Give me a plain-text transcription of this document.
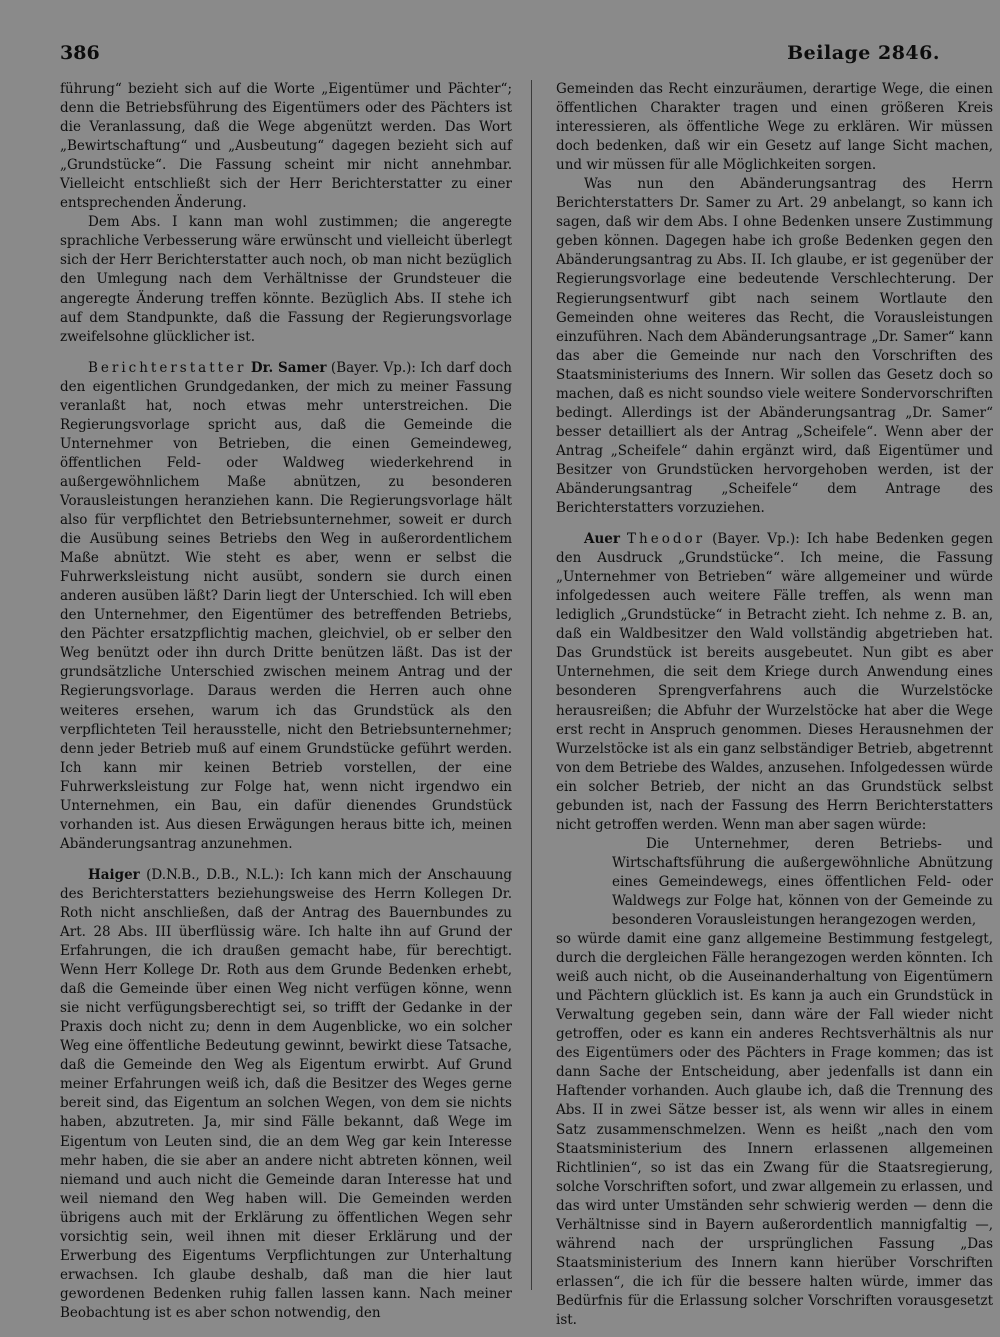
386	Beilage 2846.

führung“ bezieht sich auf die Worte „Eigentümer und Pächter“; denn die Betriebsführung des Eigentümers oder des Pächters ist die Veranlassung, daß die Wege abgenützt werden. Das Wort „Bewirtschaftung“ und „Ausbeutung“ dagegen bezieht sich auf „Grundstücke“. Die Fassung scheint mir nicht annehmbar. Vielleicht entschließt sich der Herr Berichterstatter zu einer entsprechenden Änderung.

Dem Abs. I kann man wohl zustimmen; die angeregte sprachliche Verbesserung wäre erwünscht und vielleicht überlegt sich der Herr Berichterstatter auch noch, ob man nicht bezüglich den Umlegung nach dem Verhältnisse der Grundsteuer die angeregte Änderung treffen könnte. Bezüglich Abs. II stehe ich auf dem Standpunkte, daß die Fassung der Regierungsvorlage zweifelsohne glücklicher ist.

Berichterstatter Dr. Samer (Bayer. Vp.): Ich darf doch den eigentlichen Grundgedanken, der mich zu meiner Fassung veranlaßt hat, noch etwas mehr unterstreichen. Die Regierungsvorlage spricht aus, daß die Gemeinde die Unternehmer von Betrieben, die einen Gemeindeweg, öffentlichen Feld- oder Waldweg wiederkehrend in außergewöhnlichem Maße abnützen, zu besonderen Vorausleistungen heranziehen kann. Die Regierungsvorlage hält also für verpflichtet den Betriebsunternehmer, soweit er durch die Ausübung seines Betriebs den Weg in außerordentlichem Maße abnützt. Wie steht es aber, wenn er selbst die Fuhrwerksleistung nicht ausübt, sondern sie durch einen anderen ausüben läßt? Darin liegt der Unterschied. Ich will eben den Unternehmer, den Eigentümer des betreffenden Betriebs, den Pächter ersatzpflichtig machen, gleichviel, ob er selber den Weg benützt oder ihn durch Dritte benützen läßt. Das ist der grundsätzliche Unterschied zwischen meinem Antrag und der Regierungsvorlage. Daraus werden die Herren auch ohne weiteres ersehen, warum ich das Grundstück als den verpflichteten Teil herausstelle, nicht den Betriebsunternehmer; denn jeder Betrieb muß auf einem Grundstücke geführt werden. Ich kann mir keinen Betrieb vorstellen, der eine Fuhrwerksleistung zur Folge hat, wenn nicht irgendwo ein Unternehmen, ein Bau, ein dafür dienendes Grundstück vorhanden ist. Aus diesen Erwägungen heraus bitte ich, meinen Abänderungsantrag anzunehmen.

Haiger (D.N.B., D.B., N.L.): Ich kann mich der Anschauung des Berichterstatters beziehungsweise des Herrn Kollegen Dr. Roth nicht anschließen, daß der Antrag des Bauernbundes zu Art. 28 Abs. III überflüssig wäre. Ich halte ihn auf Grund der Erfahrungen, die ich draußen gemacht habe, für berechtigt. Wenn Herr Kollege Dr. Roth aus dem Grunde Bedenken erhebt, daß die Gemeinde über einen Weg nicht verfügen könne, wenn sie nicht verfügungsberechtigt sei, so trifft der Gedanke in der Praxis doch nicht zu; denn in dem Augenblicke, wo ein solcher Weg eine öffentliche Bedeutung gewinnt, bewirkt diese Tatsache, daß die Gemeinde den Weg als Eigentum erwirbt. Auf Grund meiner Erfahrungen weiß ich, daß die Besitzer des Weges gerne bereit sind, das Eigentum an solchen Wegen, von dem sie nichts haben, abzutreten. Ja, mir sind Fälle bekannt, daß Wege im Eigentum von Leuten sind, die an dem Weg gar kein Interesse mehr haben, die sie aber an andere nicht abtreten können, weil niemand und auch nicht die Gemeinde daran Interesse hat und weil niemand den Weg haben will. Die Gemeinden werden übrigens auch mit der Erklärung zu öffentlichen Wegen sehr vorsichtig sein, weil ihnen mit dieser Erklärung und der Erwerbung des Eigentums Verpflichtungen zur Unterhaltung erwachsen. Ich glaube deshalb, daß man die hier laut gewordenen Bedenken ruhig fallen lassen kann. Nach meiner Beobachtung ist es aber schon notwendig, den

Gemeinden das Recht einzuräumen, derartige Wege, die einen öffentlichen Charakter tragen und einen größeren Kreis interessieren, als öffentliche Wege zu erklären. Wir müssen doch bedenken, daß wir ein Gesetz auf lange Sicht machen, und wir müssen für alle Möglichkeiten sorgen.

Was nun den Abänderungsantrag des Herrn Berichterstatters Dr. Samer zu Art. 29 anbelangt, so kann ich sagen, daß wir dem Abs. I ohne Bedenken unsere Zustimmung geben können. Dagegen habe ich große Bedenken gegen den Abänderungsantrag zu Abs. II. Ich glaube, er ist gegenüber der Regierungsvorlage eine bedeutende Verschlechterung. Der Regierungsentwurf gibt nach seinem Wortlaute den Gemeinden ohne weiteres das Recht, die Vorausleistungen einzuführen. Nach dem Abänderungsantrage „Dr. Samer“ kann das aber die Gemeinde nur nach den Vorschriften des Staatsministeriums des Innern. Wir sollen das Gesetz doch so machen, daß es nicht soundso viele weitere Sondervorschriften bedingt. Allerdings ist der Abänderungsantrag „Dr. Samer“ besser detailliert als der Antrag „Scheifele“. Wenn aber der Antrag „Scheifele“ dahin ergänzt wird, daß Eigentümer und Besitzer von Grundstücken hervorgehoben werden, ist der Abänderungsantrag „Scheifele“ dem Antrage des Berichterstatters vorzuziehen.

Auer Theodor (Bayer. Vp.): Ich habe Bedenken gegen den Ausdruck „Grundstücke“. Ich meine, die Fassung „Unternehmer von Betrieben“ wäre allgemeiner und würde infolgedessen auch weitere Fälle treffen, als wenn man lediglich „Grundstücke“ in Betracht zieht. Ich nehme z. B. an, daß ein Waldbesitzer den Wald vollständig abgetrieben hat. Das Grundstück ist bereits ausgebeutet. Nun gibt es aber Unternehmen, die seit dem Kriege durch Anwendung eines besonderen Sprengverfahrens auch die Wurzelstöcke herausreißen; die Abfuhr der Wurzelstöcke hat aber die Wege erst recht in Anspruch genommen. Dieses Herausnehmen der Wurzelstöcke ist als ein ganz selbständiger Betrieb, abgetrennt von dem Betriebe des Waldes, anzusehen. Infolgedessen würde ein solcher Betrieb, der nicht an das Grundstück selbst gebunden ist, nach der Fassung des Herrn Berichterstatters nicht getroffen werden. Wenn man aber sagen würde:

Die Unternehmer, deren Betriebs- und Wirtschaftsführung die außergewöhnliche Abnützung eines Gemeindewegs, eines öffentlichen Feld- oder Waldwegs zur Folge hat, können von der Gemeinde zu besonderen Vorausleistungen herangezogen werden,

so würde damit eine ganz allgemeine Bestimmung festgelegt, durch die dergleichen Fälle herangezogen werden könnten. Ich weiß auch nicht, ob die Auseinanderhaltung von Eigentümern und Pächtern glücklich ist. Es kann ja auch ein Grundstück in Verwaltung gegeben sein, dann wäre der Fall wieder nicht getroffen, oder es kann ein anderes Rechtsverhältnis als nur des Eigentümers oder des Pächters in Frage kommen; das ist dann Sache der Entscheidung, aber jedenfalls ist dann ein Haftender vorhanden. Auch glaube ich, daß die Trennung des Abs. II in zwei Sätze besser ist, als wenn wir alles in einem Satz zusammenschmelzen. Wenn es heißt „nach den vom Staatsministerium des Innern erlassenen allgemeinen Richtlinien“, so ist das ein Zwang für die Staatsregierung, solche Vorschriften sofort, und zwar allgemein zu erlassen, und das wird unter Umständen sehr schwierig werden — denn die Verhältnisse sind in Bayern außerordentlich mannigfaltig —, während nach der ursprünglichen Fassung „Das Staatsministerium des Innern kann hierüber Vorschriften erlassen“, die ich für die bessere halten würde, immer das Bedürfnis für die Erlassung solcher Vorschriften vorausgesetzt ist.
